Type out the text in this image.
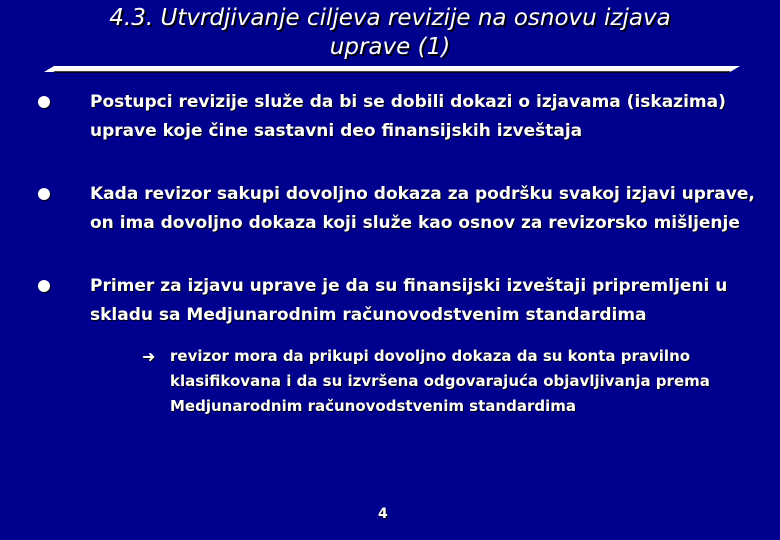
4.3. Utvrdjivanje ciljeva revizije na osnovu izjava
uprave (1)
Postupci revizije služe da bi se dobili dokazi o izjavama (iskazima) uprave koje čine sastavni deo finansijskih izveštaja
Kada revizor sakupi dovoljno dokaza za podršku svakoj izjavi uprave, on ima dovoljno dokaza koji služe kao osnov za revizorsko mišljenje
Primer za izjavu uprave je da su finansijski izveštaji pripremljeni u skladu sa Medjunarodnim računovodstvenim standardima
➜ revizor mora da prikupi dovoljno dokaza da su konta pravilno klasifikovana i da su izvršena odgovarajuća objavljivanja prema Medjunarodnim računovodstvenim standardima
4
